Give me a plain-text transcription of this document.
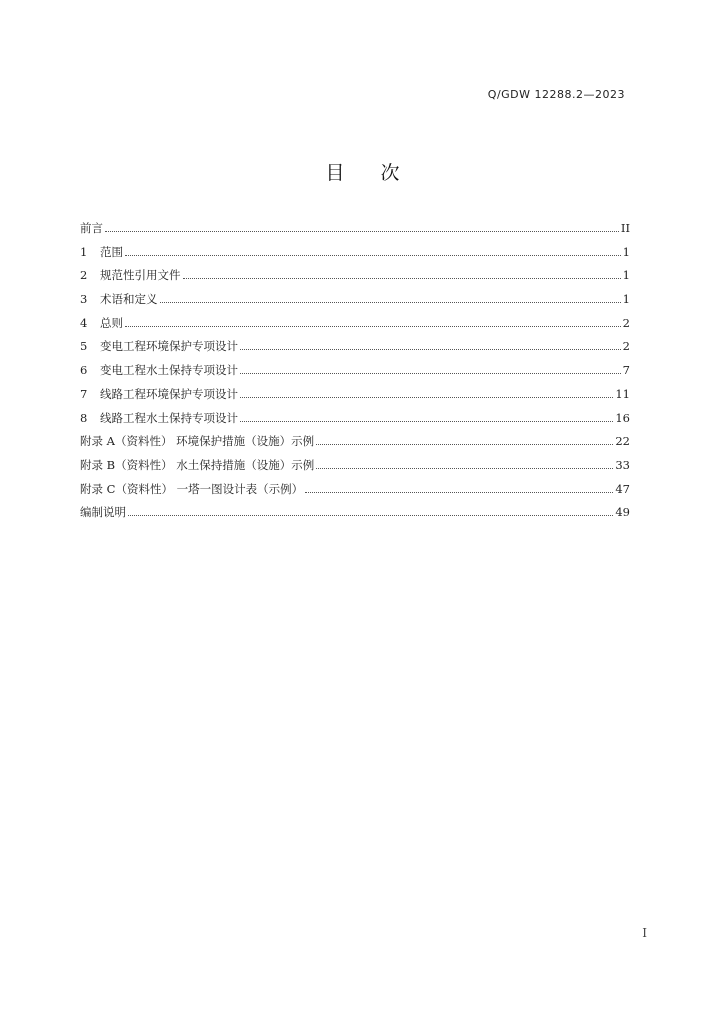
Q/GDW 12288.2—2023
目次
前言	II
1	范围	1
2	规范性引用文件	1
3	术语和定义	1
4	总则	2
5	变电工程环境保护专项设计	2
6	变电工程水土保持专项设计	7
7	线路工程环境保护专项设计	11
8	线路工程水土保持专项设计	16
附录 A（资料性） 环境保护措施（设施）示例	22
附录 B（资料性） 水土保持措施（设施）示例	33
附录 C（资料性） 一塔一图设计表（示例）	47
编制说明	49
I
